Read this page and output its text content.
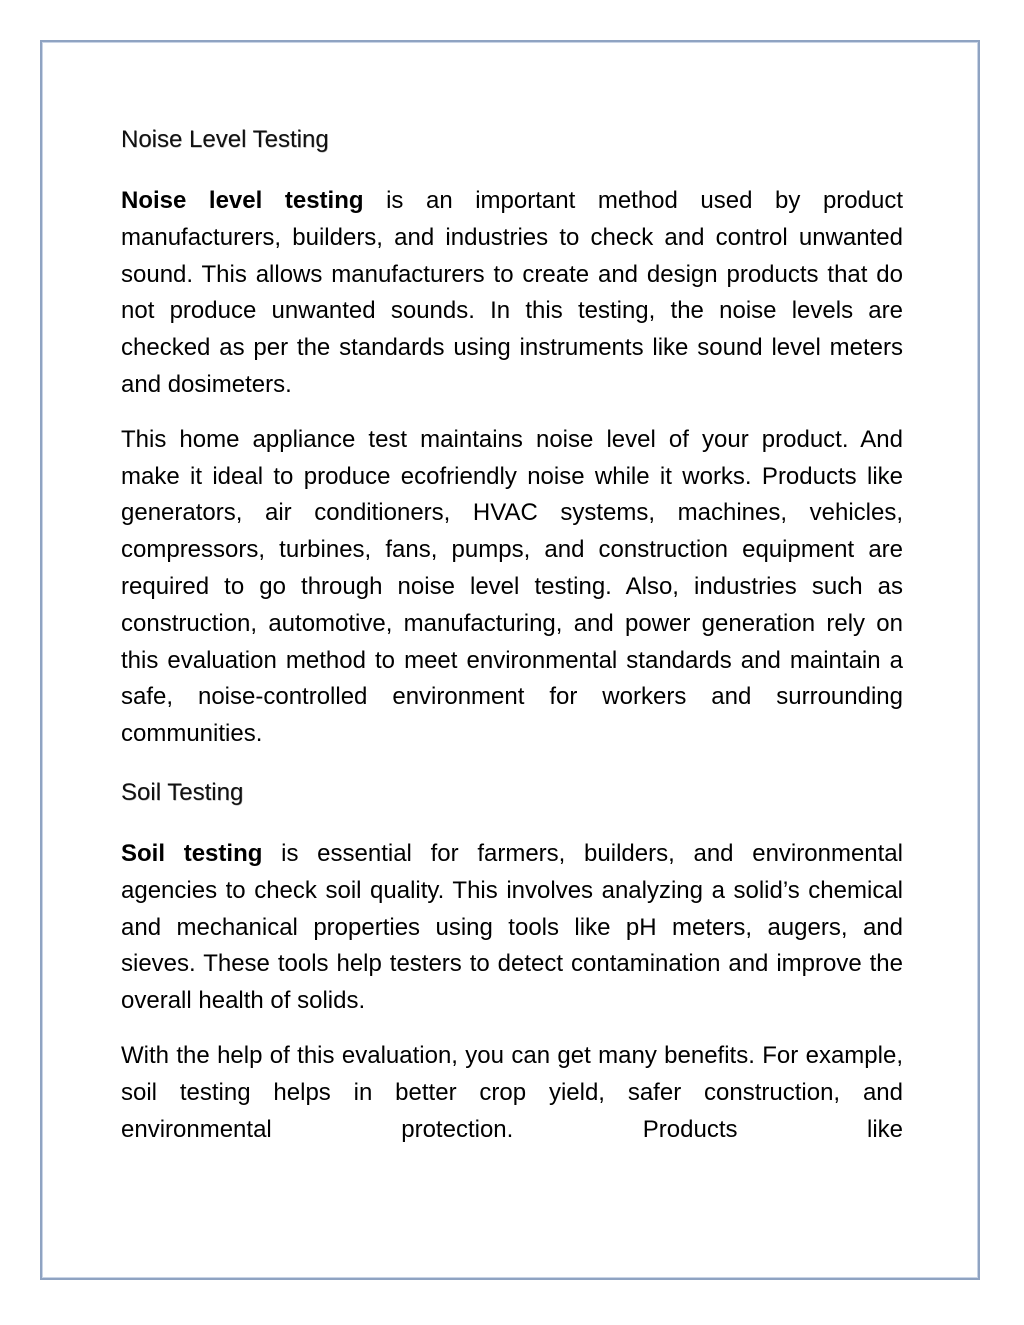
Noise Level Testing

Noise level testing is an important method used by product manufacturers, builders, and industries to check and control unwanted sound. This allows manufacturers to create and design products that do not produce unwanted sounds. In this testing, the noise levels are checked as per the standards using instruments like sound level meters and dosimeters.

This home appliance test maintains noise level of your product. And make it ideal to produce ecofriendly noise while it works. Products like generators, air conditioners, HVAC systems, machines, vehicles, compressors, turbines, fans, pumps, and construction equipment are required to go through noise level testing. Also, industries such as construction, automotive, manufacturing, and power generation rely on this evaluation method to meet environmental standards and maintain a safe, noise-controlled environment for workers and surrounding communities.

Soil Testing

Soil testing is essential for farmers, builders, and environmental agencies to check soil quality. This involves analyzing a solid’s chemical and mechanical properties using tools like pH meters, augers, and sieves. These tools help testers to detect contamination and improve the overall health of solids.

With the help of this evaluation, you can get many benefits. For example, soil testing helps in better crop yield, safer construction, and environmental protection. Products like
